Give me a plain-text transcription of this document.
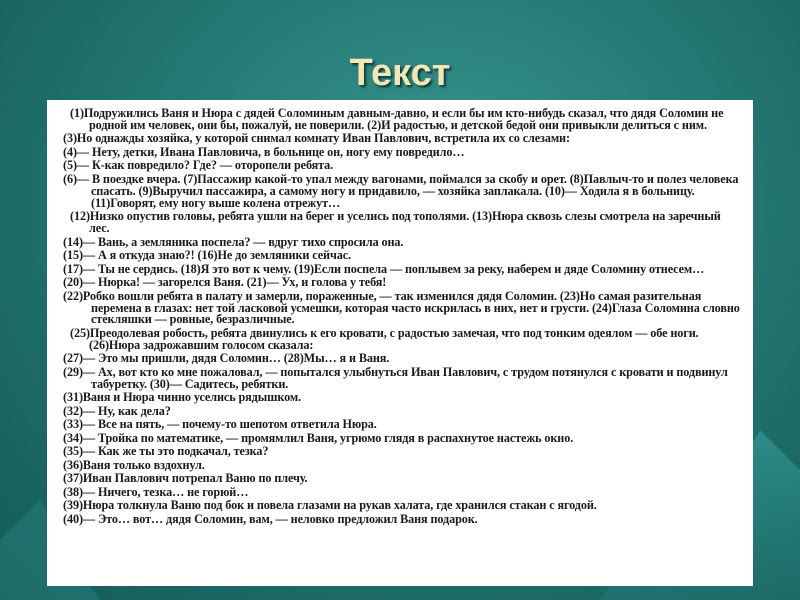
Текст

(1)Подружились Ваня и Нюра с дядей Соломиным давным-давно, и если бы им кто-нибудь сказал, что дядя Соломин не родной им человек, они бы, пожалуй, не поверили. (2)И радостью, и детской бедой они привыкли делиться с ним.

(3)Но однажды хозяйка, у которой снимал комнату Иван Павлович, встретила их со слезами:

(4)— Нету, детки, Ивана Павловича, в больнице он, ногу ему повредило…

(5)— К-как повредило? Где? — оторопели ребята.

(6)— В поездке вчера. (7)Пассажир какой-то упал между вагонами, поймался за скобу и орет. (8)Павлыч-то и полез человека спасать. (9)Выручил пассажира, а самому ногу и придавило, — хозяйка заплакала. (10)— Ходила я в больницу. (11)Говорят, ему ногу выше колена отрежут…

(12)Низко опустив головы, ребята ушли на берег и уселись под тополями. (13)Нюра сквозь слезы смотрела на заречный лес.

(14)— Вань, а земляника поспела? — вдруг тихо спросила она.

(15)— А я откуда знаю?! (16)Не до земляники сейчас.

(17)— Ты не сердись. (18)Я это вот к чему. (19)Если поспела — поплывем за реку, наберем и дяде Соломину отнесем…

(20)— Нюрка! — загорелся Ваня. (21)— Ух, и голова у тебя!

(22)Робко вошли ребята в палату и замерли, пораженные, — так изменился дядя Соломин. (23)Но самая разительная перемена в глазах: нет той ласковой усмешки, которая часто искрилась в них, нет и грусти. (24)Глаза Соломина словно стекляшки — ровные, безразличные.

(25)Преодолевая робость, ребята двинулись к его кровати, с радостью замечая, что под тонким одеялом — обе ноги. (26)Нюра задрожавшим голосом сказала:

(27)— Это мы пришли, дядя Соломин… (28)Мы… я и Ваня.

(29)— Ах, вот кто ко мне пожаловал, — попытался улыбнуться Иван Павлович, с трудом потянулся с кровати и подвинул табуретку. (30)— Садитесь, ребятки.

(31)Ваня и Нюра чинно уселись рядышком.

(32)— Ну, как дела?

(33)— Все на пять, — почему-то шепотом ответила Нюра.

(34)— Тройка по математике, — промямлил Ваня, угрюмо глядя в распахнутое настежь окно.

(35)— Как же ты это подкачал, тезка?

(36)Ваня только вздохнул.

(37)Иван Павлович потрепал Ваню по плечу.

(38)— Ничего, тезка… не горюй…

(39)Нюра толкнула Ваню под бок и повела глазами на рукав халата, где хранился стакан с ягодой.

(40)— Это… вот… дядя Соломин, вам, — неловко предложил Ваня подарок.
